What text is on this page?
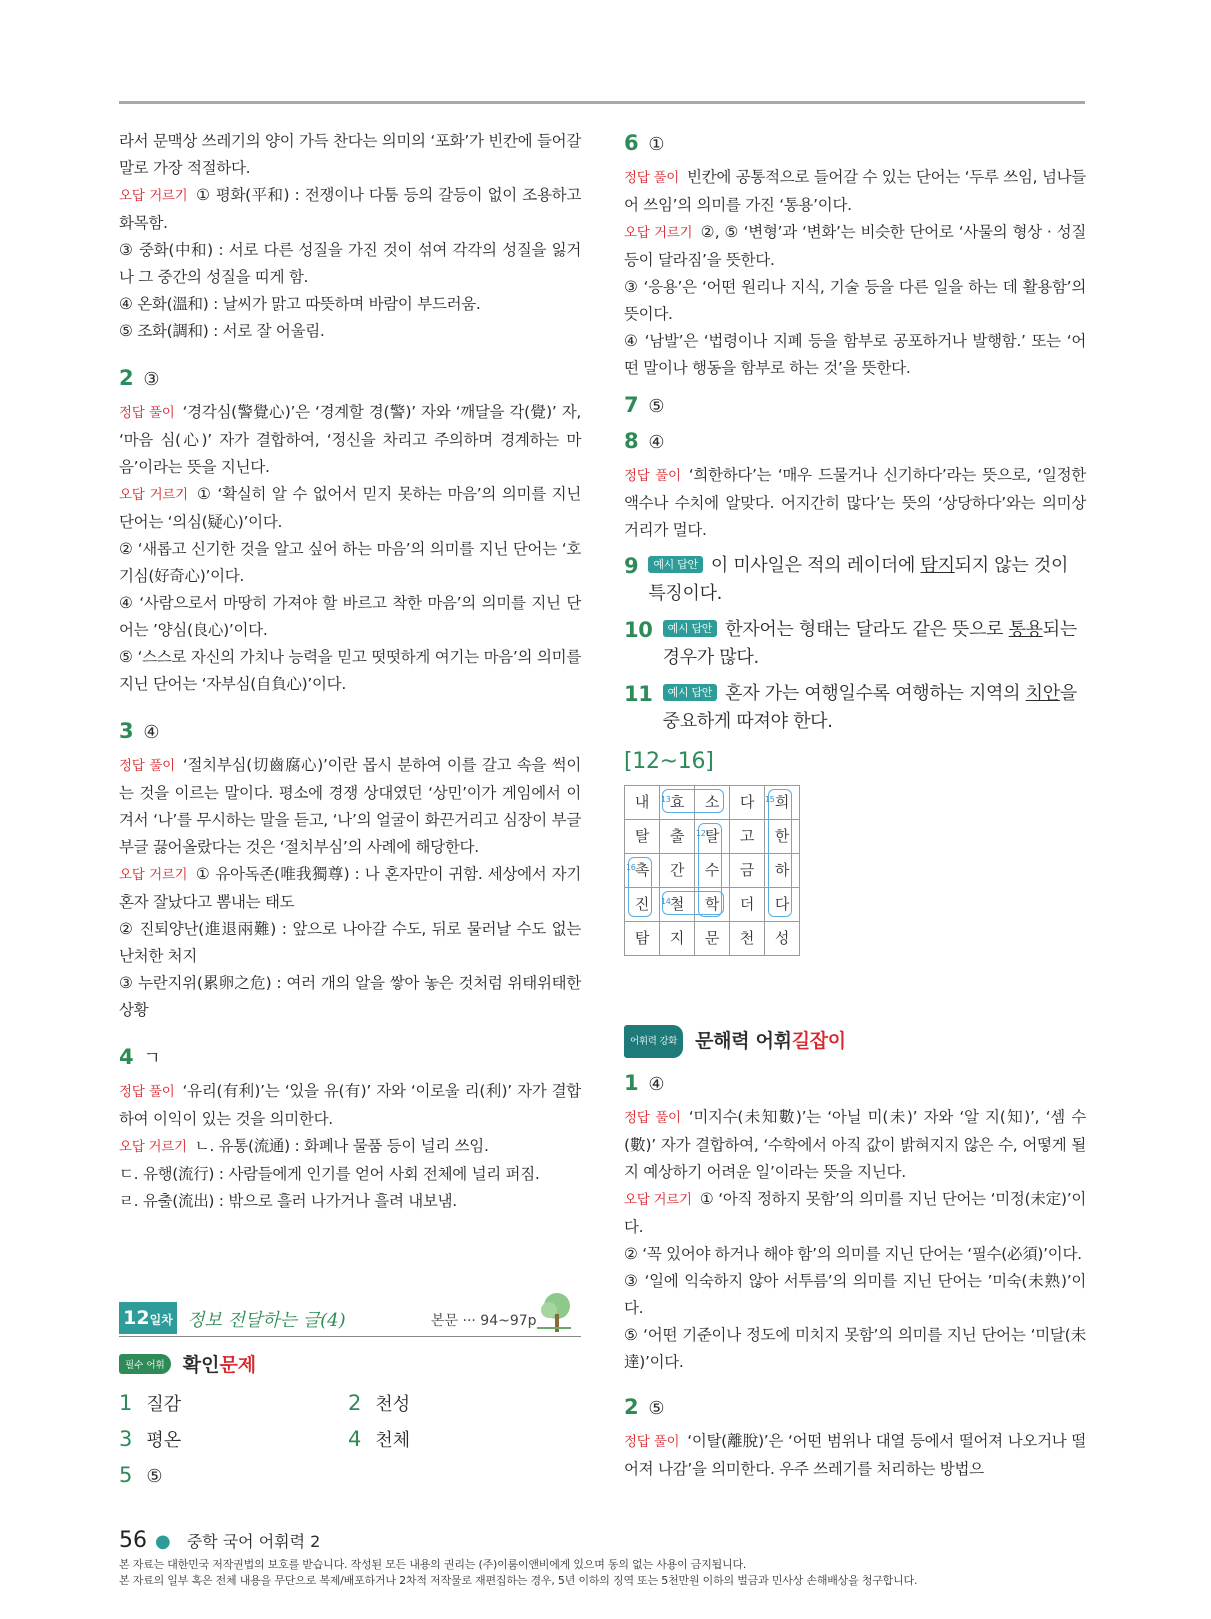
라서 문맥상 쓰레기의 양이 가득 찬다는 의미의 ‘포화’가 빈칸에 들어갈 말로 가장 적절하다.

오답 거르기 ① 평화(平和) : 전쟁이나 다툼 등의 갈등이 없이 조용하고 화목함.

③ 중화(中和) : 서로 다른 성질을 가진 것이 섞여 각각의 성질을 잃거나 그 중간의 성질을 띠게 함.

④ 온화(溫和) : 날씨가 맑고 따뜻하며 바람이 부드러움.

⑤ 조화(調和) : 서로 잘 어울림.

2 ③

정답 풀이 ‘경각심(警覺心)’은 ‘경계할 경(警)’ 자와 ‘깨달을 각(覺)’ 자, ‘마음 심(心)’ 자가 결합하여, ‘정신을 차리고 주의하며 경계하는 마음’이라는 뜻을 지닌다.

오답 거르기 ① ‘확실히 알 수 없어서 믿지 못하는 마음’의 의미를 지닌 단어는 ‘의심(疑心)’이다.

② ‘새롭고 신기한 것을 알고 싶어 하는 마음’의 의미를 지닌 단어는 ‘호기심(好奇心)’이다.

④ ‘사람으로서 마땅히 가져야 할 바르고 착한 마음’의 의미를 지닌 단어는 ’양심(良心)’이다.

⑤ ‘스스로 자신의 가치나 능력을 믿고 떳떳하게 여기는 마음’의 의미를 지닌 단어는 ‘자부심(自負心)’이다.

3 ④

정답 풀이 ‘절치부심(切齒腐心)’이란 몹시 분하여 이를 갈고 속을 썩이는 것을 이르는 말이다. 평소에 경쟁 상대였던 ‘상민’이가 게임에서 이겨서 ‘나’를 무시하는 말을 듣고, ‘나’의 얼굴이 화끈거리고 심장이 부글부글 끓어올랐다는 것은 ‘절치부심’의 사례에 해당한다.

오답 거르기 ① 유아독존(唯我獨尊) : 나 혼자만이 귀함. 세상에서 자기 혼자 잘났다고 뽐내는 태도

② 진퇴양난(進退兩難) : 앞으로 나아갈 수도, 뒤로 물러날 수도 없는 난처한 처지

③ 누란지위(累卵之危) : 여러 개의 알을 쌓아 놓은 것처럼 위태위태한 상황

4 ㄱ

정답 풀이 ‘유리(有利)’는 ‘있을 유(有)’ 자와 ‘이로울 리(利)’ 자가 결합하여 이익이 있는 것을 의미한다.

오답 거르기 ㄴ. 유통(流通) : 화폐나 물품 등이 널리 쓰임.

ㄷ. 유행(流行) : 사람들에게 인기를 얻어 사회 전체에 널리 퍼짐.

ㄹ. 유출(流出) : 밖으로 흘러 나가거나 흘려 내보냄.

12일차 정보 전달하는 글(4)	본문 ··· 94~97p
필수 어휘 확인 문제
1 질감	2 천성
3 평온	4 천체
5 ⑤
6 ①

정답 풀이 빈칸에 공통적으로 들어갈 수 있는 단어는 ‘두루 쓰임, 넘나들어 쓰임’의 의미를 가진 ‘통용’이다.

오답 거르기 ②, ⑤ ‘변형’과 ‘변화’는 비슷한 단어로 ‘사물의 형상 · 성질 등이 달라짐’을 뜻한다.

③ ‘응용’은 ‘어떤 원리나 지식, 기술 등을 다른 일을 하는 데 활용함’의 뜻이다.

④ ‘남발’은 ‘법령이나 지폐 등을 함부로 공포하거나 발행함.’ 또는 ‘어떤 말이나 행동을 함부로 하는 것’을 뜻한다.

7 ⑤
8 ④

정답 풀이 ‘희한하다’는 ‘매우 드물거나 신기하다’라는 뜻으로, ‘일정한 액수나 수치에 알맞다. 어지간히 많다’는 뜻의 ‘상당하다’와는 의미상 거리가 멀다.

9	예시 답안 이 미사일은 적의 레이더에 탐지되지 않는 것이 특징이다.
10	예시 답안 한자어는 형태는 달라도 같은 뜻으로 통용되는 경우가 많다.
11	예시 답안 혼자 가는 여행일수록 여행하는 지역의 치안을 중요하게 따져야 한다.
[12~16]
내	효	소	다	희
탈	출	탈	고	한
촉	간	수	금	하
진	철	학	더	다
탐	지	문	천	성
13	15
12
16
14
어휘력 강화 문해력 어휘 길잡이
1 ④

정답 풀이 ‘미지수(未知數)’는 ‘아닐 미(未)’ 자와 ‘알 지(知)’, ‘셈 수(數)’ 자가 결합하여, ‘수학에서 아직 값이 밝혀지지 않은 수, 어떻게 될지 예상하기 어려운 일’이라는 뜻을 지닌다.

오답 거르기 ① ‘아직 정하지 못함’의 의미를 지닌 단어는 ‘미정(未定)’이다.

② ‘꼭 있어야 하거나 해야 함’의 의미를 지닌 단어는 ‘필수(必須)’이다.

③ ‘일에 익숙하지 않아 서투름’의 의미를 지닌 단어는 ’미숙(未熟)’이다.

⑤ ‘어떤 기준이나 정도에 미치지 못함’의 의미를 지닌 단어는 ‘미달(未達)’이다.

2 ⑤

정답 풀이 ‘이탈(離脫)’은 ‘어떤 범위나 대열 등에서 떨어져 나오거나 떨어져 나감’을 의미한다. 우주 쓰레기를 처리하는 방법으

56 ● 중학 국어 어휘력 2
본 자료는 대한민국 저작권법의 보호를 받습니다. 작성된 모든 내용의 권리는 (주)이룸이앤비에게 있으며 동의 없는 사용이 금지됩니다.
본 자료의 일부 혹은 전체 내용을 무단으로 복제/배포하거나 2차적 저작물로 재편집하는 경우, 5년 이하의 징역 또는 5천만원 이하의 벌금과 민사상 손해배상을 청구합니다.
